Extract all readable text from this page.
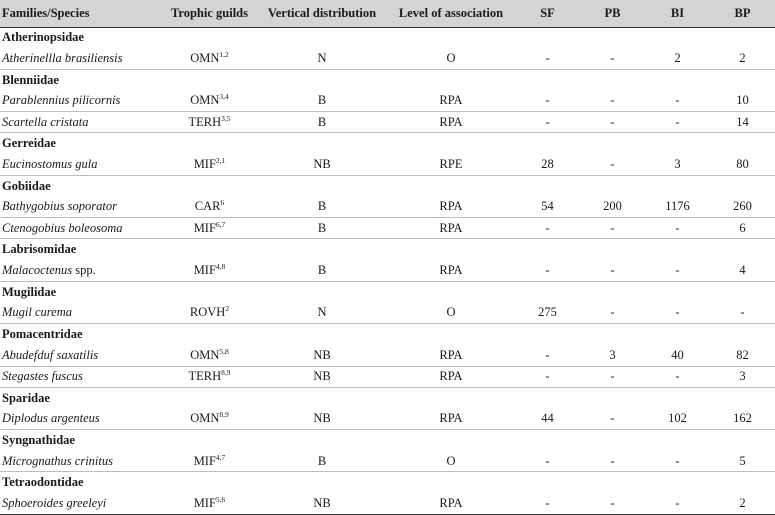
Families/Species	Trophic guilds	Vertical distribution	Level of association	SF	PB	BI	BP
Atherinopsidae							
Atherinellla brasiliensis	OMN$^{1,2}$	N	O	-	-	2	2
Blenniidae							
Parablennius pilicornis	OMN$^{3,4}$	B	RPA	-	-	-	10
Scartella cristata	TERH$^{3,5}$	B	RPA	-	-	-	14
Gerreidae							
Eucinostomus gula	MIF$^{2,1}$	NB	RPE	28	-	3	80
Gobiidae							
Bathygobius soporator	CAR$^6$	B	RPA	54	200	1176	260
Ctenogobius boleosoma	MIF$^{6,7}$	B	RPA	-	-	-	6
Labrisomidae							
Malacoctenus spp.	MIF$^{4,8}$	B	RPA	-	-	-	4
Mugilidae							
Mugil curema	ROVH$^2$	N	O	275	-	-	-
Pomacentridae							
Abudefduf saxatilis	OMN$^{5,8}$	NB	RPA	-	3	40	82
Stegastes fuscus	TERH$^{8,9}$	NB	RPA	-	-	-	3
Sparidae							
Diplodus argenteus	OMN$^{8,9}$	NB	RPA	44	-	102	162
Syngnathidae							
Micrognathus crinitus	MIF$^{4,7}$	B	O	-	-	-	5
Tetraodontidae							
Sphoeroides greeleyi	MIF$^{5,6}$	NB	RPA	-	-	-	2
